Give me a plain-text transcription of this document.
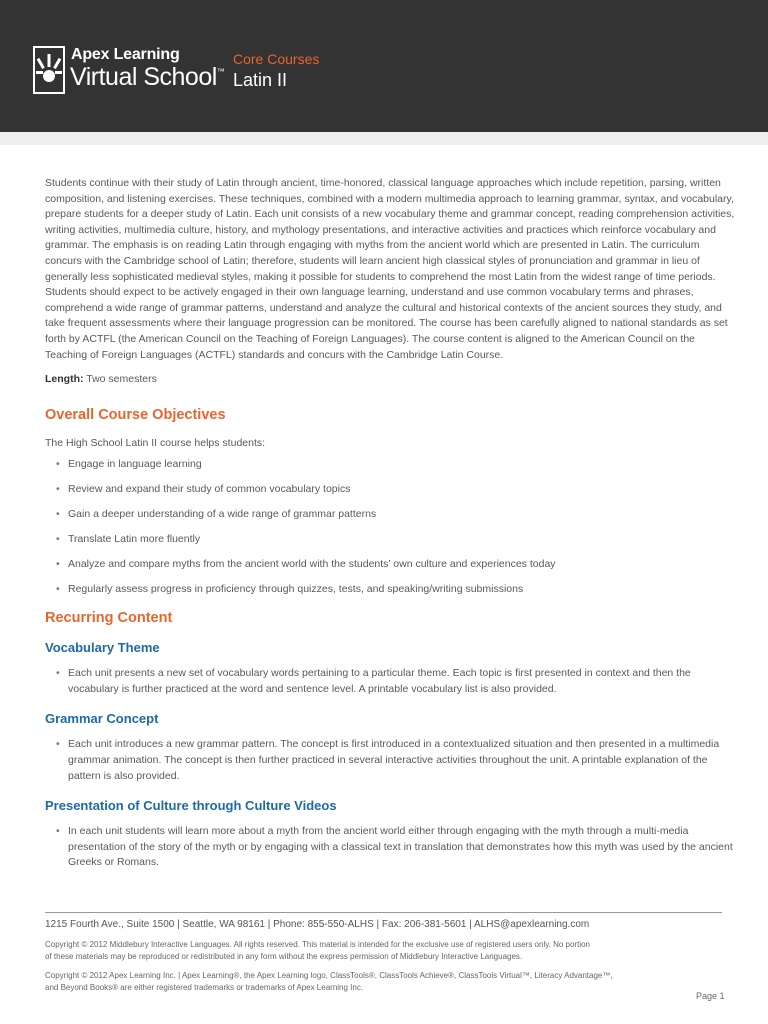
Apex Learning
Virtual School™
Core Courses
Latin II

Students continue with their study of Latin through ancient, time-honored, classical language approaches which include repetition, parsing, written composition, and listening exercises. These techniques, combined with a modern multimedia approach to learning grammar, syntax, and vocabulary, prepare students for a deeper study of Latin. Each unit consists of a new vocabulary theme and grammar concept, reading comprehension activities, writing activities, multimedia culture, history, and mythology presentations, and interactive activities and practices which reinforce vocabulary and grammar. The emphasis is on reading Latin through engaging with myths from the ancient world which are presented in Latin. The curriculum concurs with the Cambridge school of Latin; therefore, students will learn ancient high classical styles of pronunciation and grammar in lieu of generally less sophisticated medieval styles, making it possible for students to comprehend the most Latin from the widest range of time periods. Students should expect to be actively engaged in their own language learning, understand and use common vocabulary terms and phrases, comprehend a wide range of grammar patterns, understand and analyze the cultural and historical contexts of the ancient sources they study, and take frequent assessments where their language progression can be monitored. The course has been carefully aligned to national standards as set forth by ACTFL (the American Council on the Teaching of Foreign Languages). The course content is aligned to the American Council on the Teaching of Foreign Languages (ACTFL) standards and concurs with the Cambridge Latin Course.

Length: Two semesters

Overall Course Objectives

The High School Latin II course helps students:

• Engage in language learning
• Review and expand their study of common vocabulary topics
• Gain a deeper understanding of a wide range of grammar patterns
• Translate Latin more fluently
• Analyze and compare myths from the ancient world with the students’ own culture and experiences today
• Regularly assess progress in proficiency through quizzes, tests, and speaking/writing submissions
Recurring Content
Vocabulary Theme

• Each unit presents a new set of vocabulary words pertaining to a particular theme. Each topic is first presented in context and then the vocabulary is further practiced at the word and sentence level. A printable vocabulary list is also provided.

Grammar Concept

• Each unit introduces a new grammar pattern. The concept is first introduced in a contextualized situation and then presented in a multimedia grammar animation. The concept is then further practiced in several interactive activities throughout the unit. A printable explanation of the pattern is also provided.

Presentation of Culture through Culture Videos

• In each unit students will learn more about a myth from the ancient world either through engaging with the myth through a multi-media presentation of the story of the myth or by engaging with a classical text in translation that demonstrates how this myth was used by the ancient Greeks or Romans.

1215 Fourth Ave., Suite 1500 | Seattle, WA 98161 | Phone: 855-550-ALHS | Fax: 206-381-5601 | ALHS@apexlearning.com
Copyright © 2012 Middlebury Interactive Languages. All rights reserved. This material is intended for the exclusive use of registered users only. No portion
of these materials may be reproduced or redistributed in any form without the express permission of Middlebury Interactive Languages.
Copyright © 2012 Apex Learning Inc. | Apex Learning®, the Apex Learning logo, ClassTools®, ClassTools Achieve®, ClassTools Virtual™, Literacy Advantage™,
and Beyond Books® are either registered trademarks or trademarks of Apex Learning Inc.
Page 1
